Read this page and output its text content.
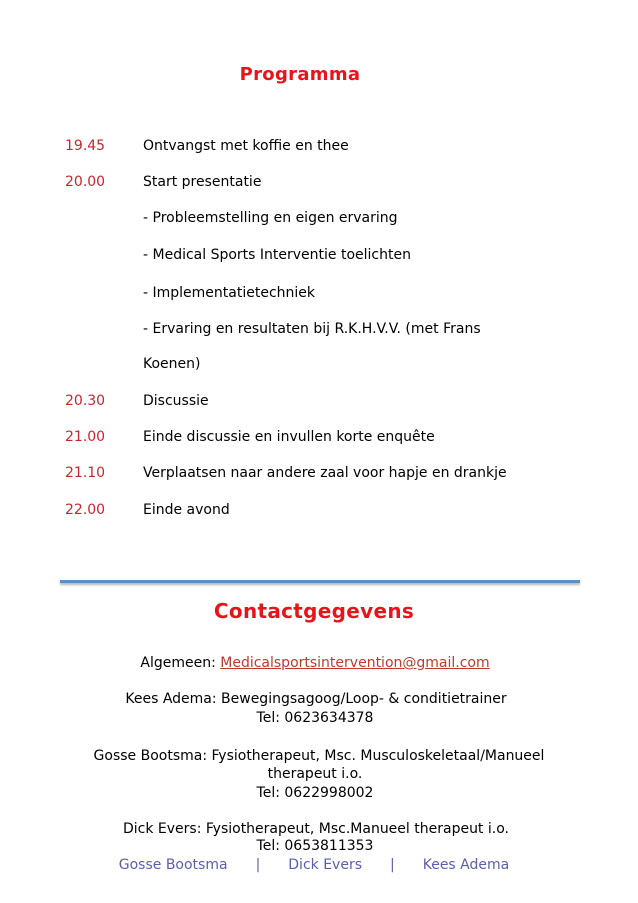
Programma
19.45	Ontvangst met koffie en thee
20.00	Start presentatie
- Probleemstelling en eigen ervaring
- Medical Sports Interventie toelichten
- Implementatietechniek
- Ervaring en resultaten bij R.K.H.V.V. (met Frans
Koenen)
20.30	Discussie
21.00	Einde discussie en invullen korte enquête
21.10	Verplaatsen naar andere zaal voor hapje en drankje
22.00	Einde avond
Contactgegevens
Algemeen: Medicalsportsintervention@gmail.com
Kees Adema: Bewegingsagoog/Loop- & conditietrainer
Tel: 0623634378
Gosse Bootsma: Fysiotherapeut, Msc. Musculoskeletaal/Manueel
therapeut i.o.
Tel: 0622998002
Dick Evers: Fysiotherapeut, Msc.Manueel therapeut i.o.
Tel: 0653811353
Gosse Bootsma | Dick Evers | Kees Adema
